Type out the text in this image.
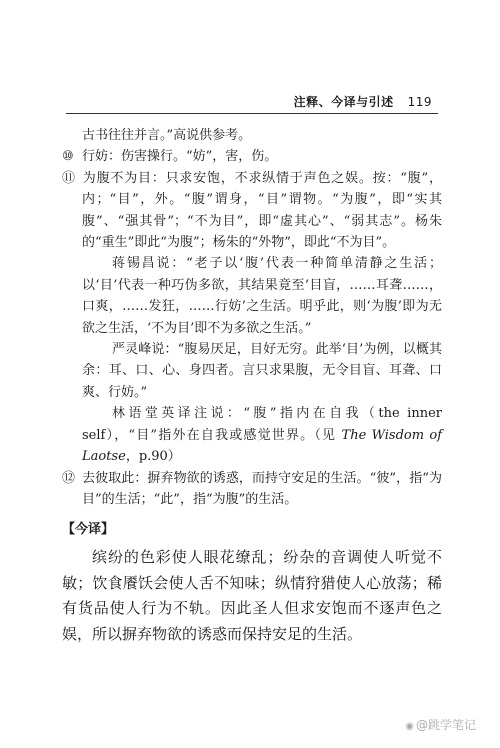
注释、今译与引述 119

古书往往并言。”高说供参考。

⑩ 行妨：伤害操行。“妨”，害，伤。

⑪ 为腹不为目：只求安饱，不求纵情于声色之娱。按：“腹”，内；“目”，外。“腹”谓身，“目”谓物。“为腹”，即“实其腹”、“强其骨”；“不为目”，即“虚其心”、“弱其志”。杨朱的“重生”即此“为腹”；杨朱的“外物”，即此“不为目”。

蒋锡昌说：“老子以‘腹’代表一种简单清静之生活；以‘目’代表一种巧伪多欲，其结果竟至‘目盲，……耳聋……，口爽，……发狂，……行妨’之生活。明乎此，则‘为腹’即为无欲之生活，‘不为目’即不为多欲之生活。”

严灵峰说：“腹易厌足，目好无穷。此举‘目’为例，以概其余：耳、口、心、身四者。言只求果腹，无令目盲、耳聋、口爽、行妨。”

林语堂英译注说：“腹”指内在自我（the inner self），“目”指外在自我或感觉世界。（见 The Wisdom of Laotse，p.90）

⑫ 去彼取此：摒弃物欲的诱惑，而持守安足的生活。“彼”，指“为目”的生活；“此”，指“为腹”的生活。

【今译】

缤纷的色彩使人眼花缭乱；纷杂的音调使人听觉不敏；饮食餍饫会使人舌不知味；纵情狩猎使人心放荡；稀有货品使人行为不轨。因此圣人但求安饱而不逐声色之娱，所以摒弃物欲的诱惑而保持安足的生活。

◉ @跳学笔记
